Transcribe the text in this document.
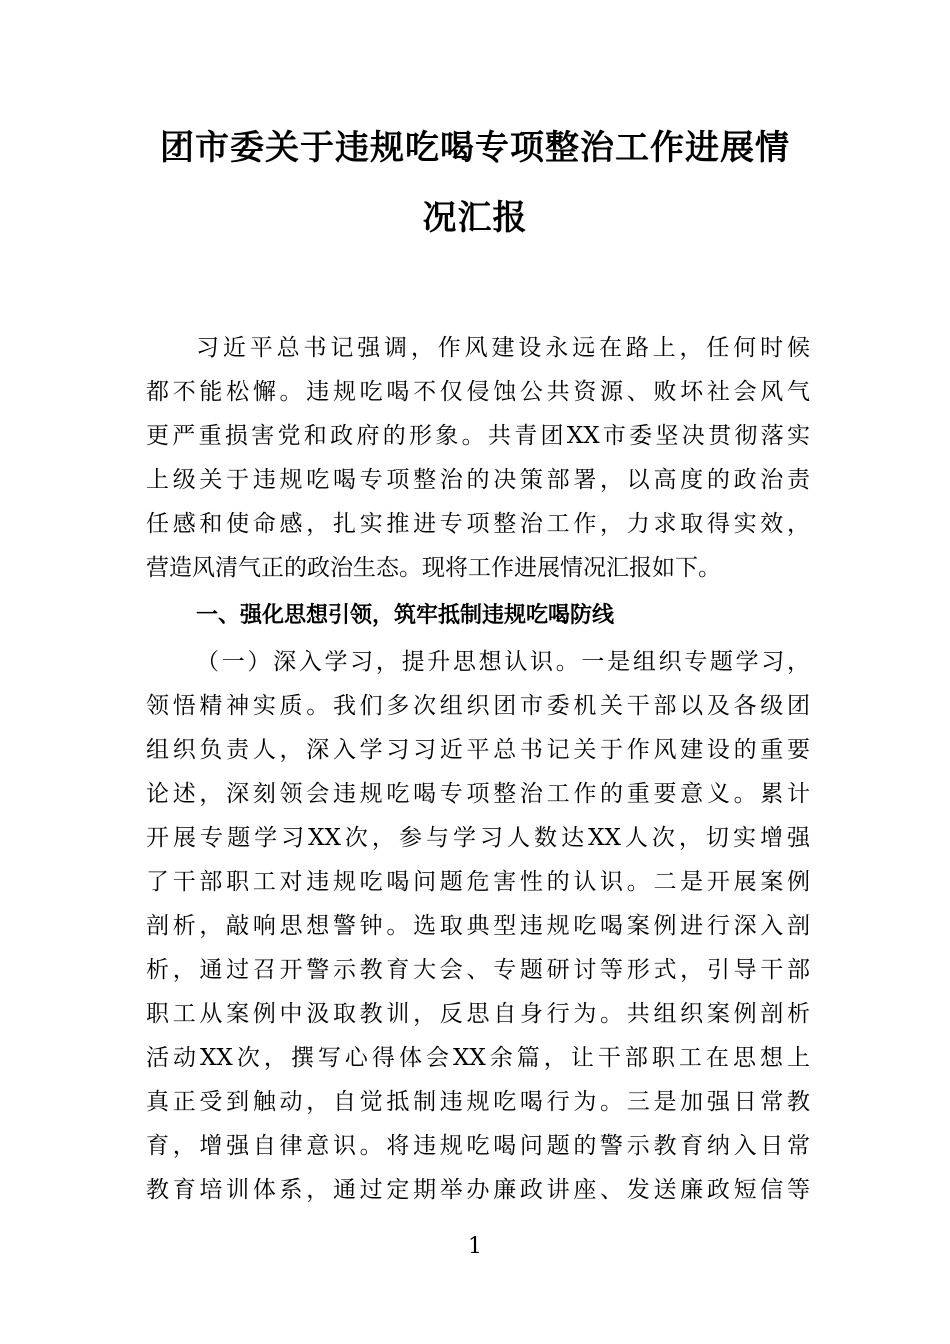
团市委关于违规吃喝专项整治工作进展情
况汇报
习近平总书记强调，作风建设永远在路上，任何时候
都不能松懈。违规吃喝不仅侵蚀公共资源、败坏社会风气
更严重损害党和政府的形象。共青团XX市委坚决贯彻落实
上级关于违规吃喝专项整治的决策部署，以高度的政治责
任感和使命感，扎实推进专项整治工作，力求取得实效，
营造风清气正的政治生态。现将工作进展情况汇报如下。
一、强化思想引领，筑牢抵制违规吃喝防线
（一）深入学习，提升思想认识。一是组织专题学习，
领悟精神实质。我们多次组织团市委机关干部以及各级团
组织负责人，深入学习习近平总书记关于作风建设的重要
论述，深刻领会违规吃喝专项整治工作的重要意义。累计
开展专题学习XX次，参与学习人数达XX人次，切实增强
了干部职工对违规吃喝问题危害性的认识。二是开展案例
剖析，敲响思想警钟。选取典型违规吃喝案例进行深入剖
析，通过召开警示教育大会、专题研讨等形式，引导干部
职工从案例中汲取教训，反思自身行为。共组织案例剖析
活动XX次，撰写心得体会XX余篇，让干部职工在思想上
真正受到触动，自觉抵制违规吃喝行为。三是加强日常教
育，增强自律意识。将违规吃喝问题的警示教育纳入日常
教育培训体系，通过定期举办廉政讲座、发送廉政短信等
1
